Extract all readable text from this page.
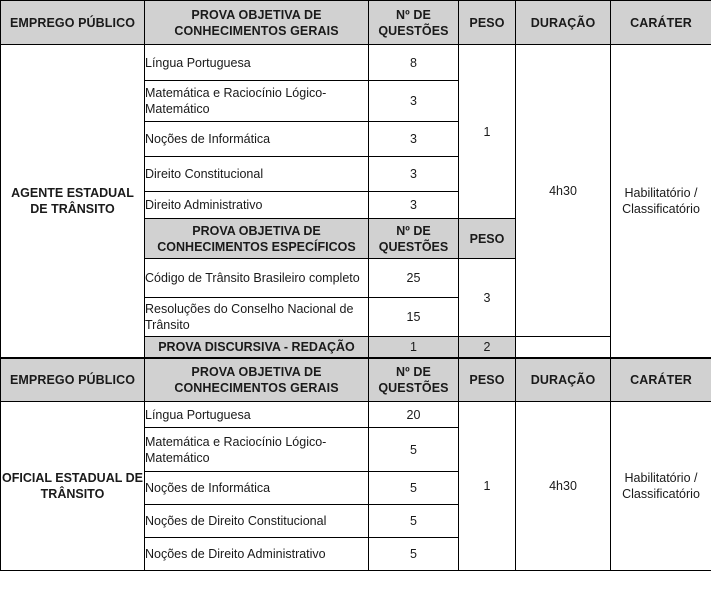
EMPREGO PÚBLICO	PROVA OBJETIVA DE CONHECIMENTOS GERAIS	Nº DE QUESTÕES	PESO	DURAÇÃO	CARÁTER
AGENTE ESTADUAL DE TRÂNSITO	Língua Portuguesa	8	1	4h30	Habilitatório / Classificatório
	Matemática e Raciocínio Lógico-Matemático	3			
	Noções de Informática	3			
	Direito Constitucional	3			
	Direito Administrativo	3			
	PROVA OBJETIVA DE CONHECIMENTOS ESPECÍFICOS	Nº DE QUESTÕES	PESO		
	Código de Trânsito Brasileiro completo	25	3		
	Resoluções do Conselho Nacional de Trânsito	15			
	PROVA DISCURSIVA - REDAÇÃO	1	2		
EMPREGO PÚBLICO	PROVA OBJETIVA DE CONHECIMENTOS GERAIS	Nº DE QUESTÕES	PESO	DURAÇÃO	CARÁTER
OFICIAL ESTADUAL DE TRÂNSITO	Língua Portuguesa	20	1	4h30	Habilitatório / Classificatório
	Matemática e Raciocínio Lógico-Matemático	5			
	Noções de Informática	5			
	Noções de Direito Constitucional	5			
	Noções de Direito Administrativo	5			
